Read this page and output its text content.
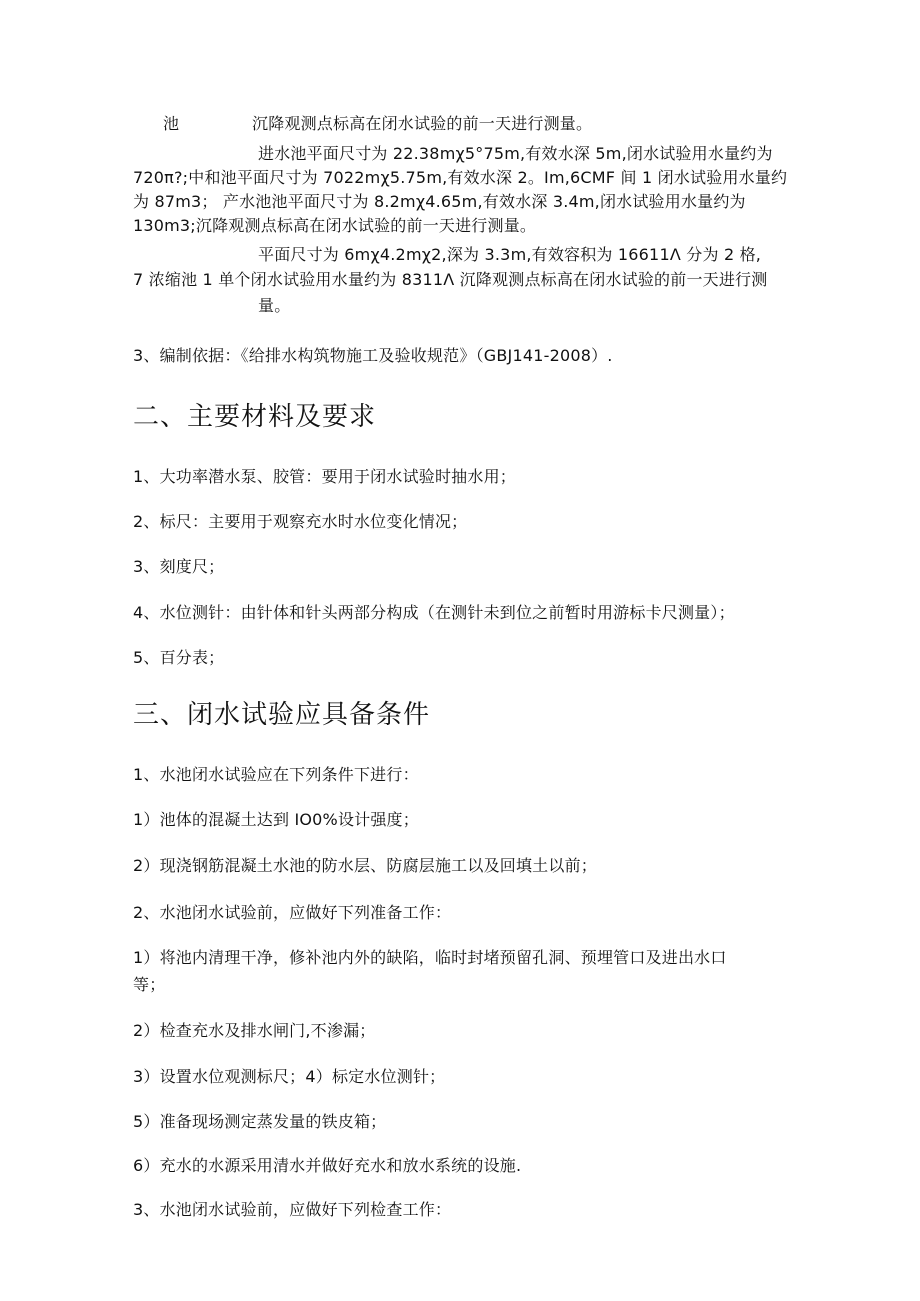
池	沉降观测点标高在闭水试验的前一天进行测量。
进水池平面尺寸为 22.38mχ5°75m,有效水深 5m,闭水试验用水量约为
720π?;中和池平面尺寸为 7022mχ5.75m,有效水深 2。Im,6CMF 间 1 闭水试验用水量约
为 87m3； 产水池池平面尺寸为 8.2mχ4.65m,有效水深 3.4m,闭水试验用水量约为
130m3;沉降观测点标高在闭水试验的前一天进行测量。
平面尺寸为 6mχ4.2mχ2,深为 3.3m,有效容积为 16611Λ 分为 2 格,
7 浓缩池 1 单个闭水试验用水量约为 8311Λ 沉降观测点标高在闭水试验的前一天进行测
量。
3、编制依据：《给排水构筑物施工及验收规范》（GBJ141-2008）.
二、主要材料及要求
1、大功率潜水泵、胶管：要用于闭水试验时抽水用；
2、标尺：主要用于观察充水时水位变化情况；
3、刻度尺；
4、水位测针：由针体和针头两部分构成（在测针未到位之前暂时用游标卡尺测量）；
5、百分表；
三、闭水试验应具备条件
1、水池闭水试验应在下列条件下进行：
1）池体的混凝土达到 IO0%设计强度；
2）现浇钢筋混凝土水池的防水层、防腐层施工以及回填土以前；
2、水池闭水试验前，应做好下列准备工作：
1）将池内清理干净，修补池内外的缺陷，临时封堵预留孔洞、预埋管口及进出水口
等；
2）检查充水及排水闸门,不渗漏；
3）设置水位观测标尺；4）标定水位测针；
5）准备现场测定蒸发量的铁皮箱；
6）充水的水源采用清水并做好充水和放水系统的设施.
3、水池闭水试验前，应做好下列检查工作：
